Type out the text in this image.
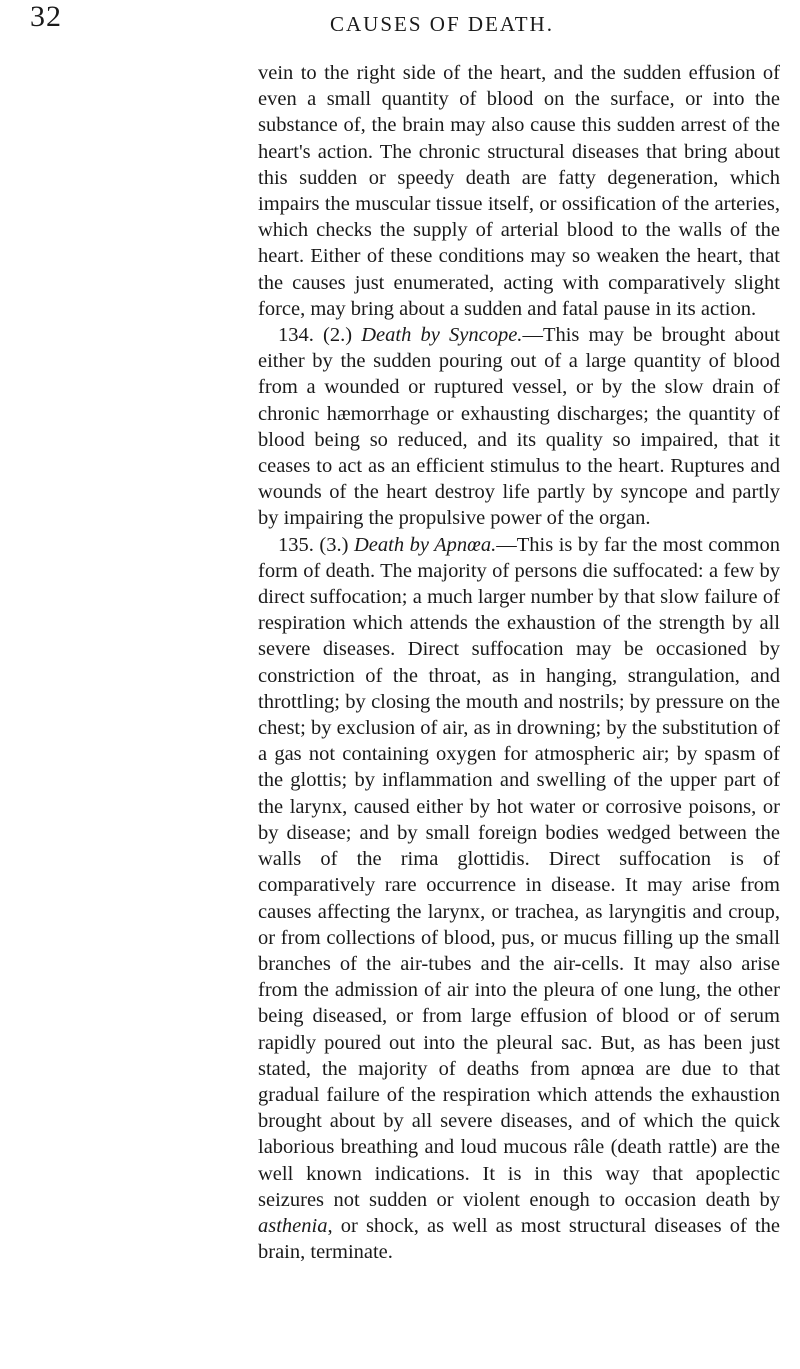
32	CAUSES OF DEATH.

vein to the right side of the heart, and the sudden effusion of even a small quantity of blood on the surface, or into the substance of, the brain may also cause this sudden arrest of the heart's action. The chronic structural diseases that bring about this sudden or speedy death are fatty degeneration, which impairs the muscular tissue itself, or ossification of the arteries, which checks the supply of arterial blood to the walls of the heart. Either of these conditions may so weaken the heart, that the causes just enumerated, acting with comparatively slight force, may bring about a sudden and fatal pause in its action.

134. (2.) Death by Syncope.—This may be brought about either by the sudden pouring out of a large quantity of blood from a wounded or ruptured vessel, or by the slow drain of chronic hæmorrhage or exhausting discharges; the quantity of blood being so reduced, and its quality so impaired, that it ceases to act as an efficient stimulus to the heart. Ruptures and wounds of the heart destroy life partly by syncope and partly by impairing the propulsive power of the organ.

135. (3.) Death by Apnœa.—This is by far the most common form of death. The majority of persons die suffocated: a few by direct suffocation; a much larger number by that slow failure of respiration which attends the exhaustion of the strength by all severe diseases. Direct suffocation may be occasioned by constriction of the throat, as in hanging, strangulation, and throttling; by closing the mouth and nostrils; by pressure on the chest; by exclusion of air, as in drowning; by the substitution of a gas not containing oxygen for atmospheric air; by spasm of the glottis; by inflammation and swelling of the upper part of the larynx, caused either by hot water or corrosive poisons, or by disease; and by small foreign bodies wedged between the walls of the rima glottidis. Direct suffocation is of comparatively rare occurrence in disease. It may arise from causes affecting the larynx, or trachea, as laryngitis and croup, or from collections of blood, pus, or mucus filling up the small branches of the air-tubes and the air-cells. It may also arise from the admission of air into the pleura of one lung, the other being diseased, or from large effusion of blood or of serum rapidly poured out into the pleural sac. But, as has been just stated, the majority of deaths from apnœa are due to that gradual failure of the respiration which attends the exhaustion brought about by all severe diseases, and of which the quick laborious breathing and loud mucous râle (death rattle) are the well known indications. It is in this way that apoplectic seizures not sudden or violent enough to occasion death by asthenia, or shock, as well as most structural diseases of the brain, terminate.
